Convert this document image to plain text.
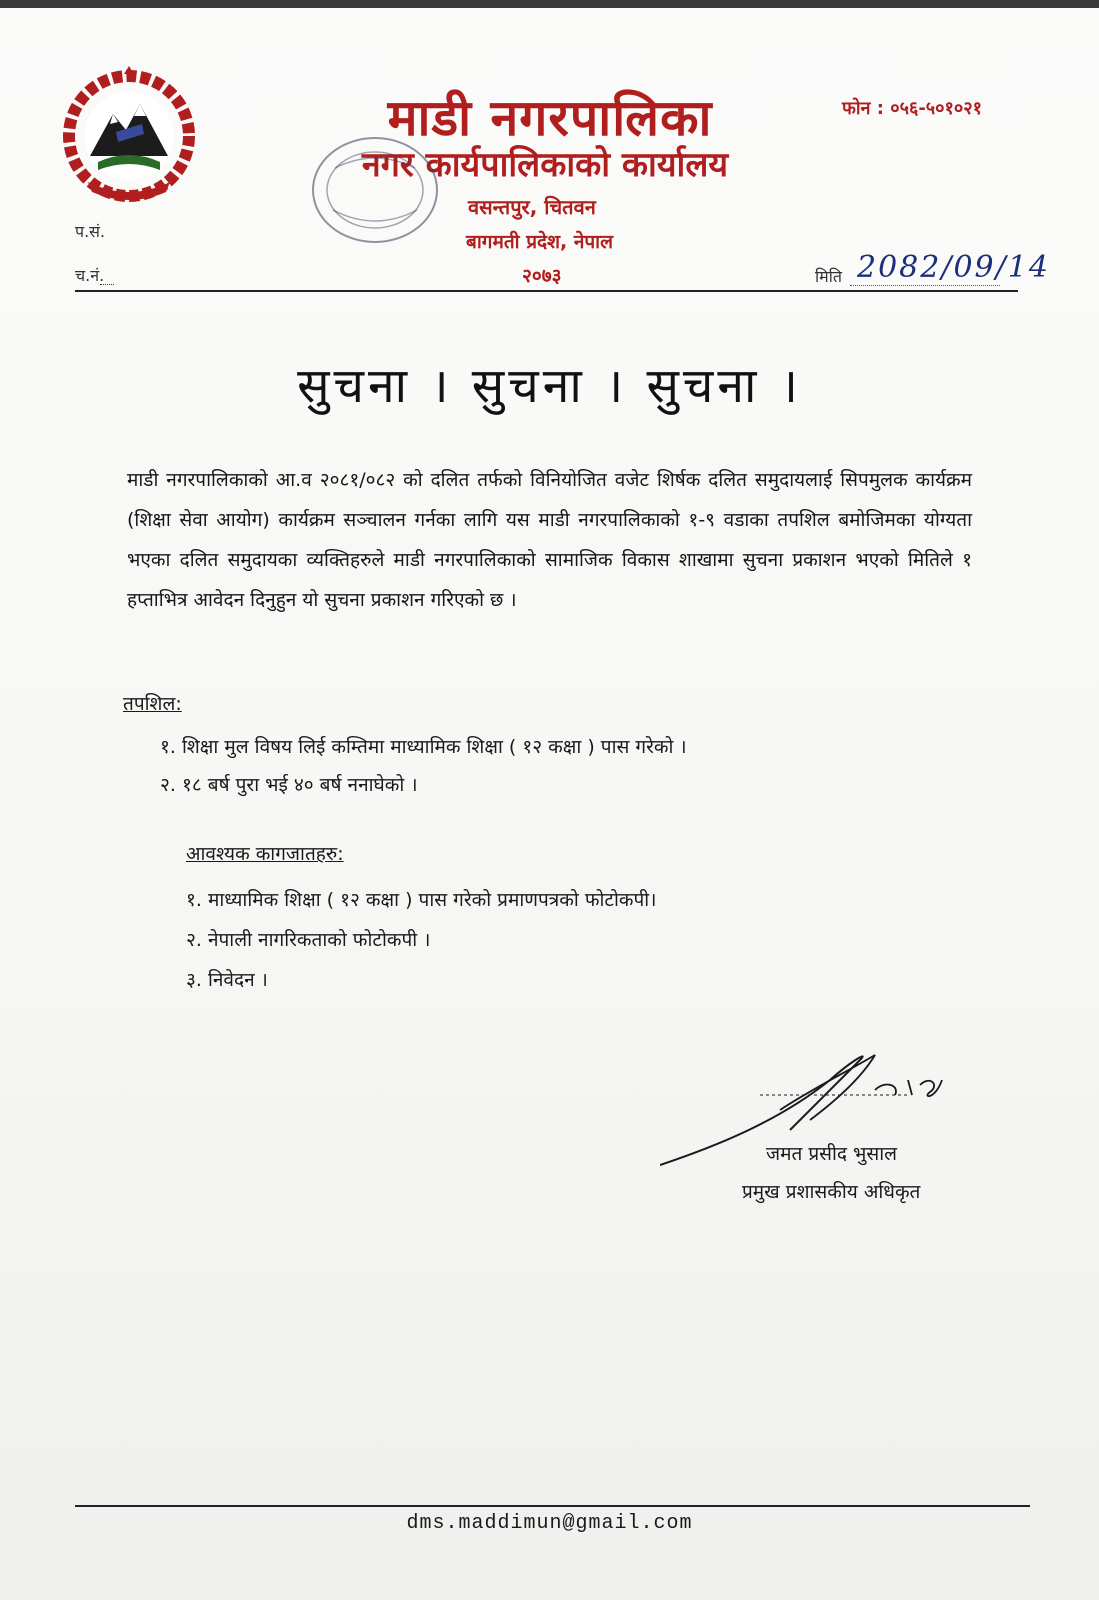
माडी नगरपालिका
नगर कार्यपालिकाको कार्यालय
वसन्तपुर, चितवन
बागमती प्रदेश, नेपाल
२०७३
फोन : ०५६-५०१०२१
प.सं.
च.नं.	मिति 2082/09/14
सुचना । सुचना । सुचना ।
माडी नगरपालिकाको आ.व २०८१/०८२ को दलित तर्फको विनियोजित वजेट शिर्षक दलित समुदायलाई सिपमुलक कार्यक्रम (शिक्षा सेवा आयोग) कार्यक्रम सञ्चालन गर्नका लागि यस माडी नगरपालिकाको १-९ वडाका तपशिल बमोजिमका योग्यता भएका दलित समुदायका व्यक्तिहरुले माडी नगरपालिकाको सामाजिक विकास शाखामा सुचना प्रकाशन भएको मितिले १ हप्ताभित्र आवेदन दिनुहुन यो सुचना प्रकाशन गरिएको छ ।
तपशिल:
१. शिक्षा मुल विषय लिई कम्तिमा माध्यामिक शिक्षा ( १२ कक्षा ) पास गरेको ।
२. १८ बर्ष पुरा भई ४० बर्ष ननाघेको ।
आवश्यक कागजातहरु:
१. माध्यामिक शिक्षा ( १२ कक्षा ) पास गरेको प्रमाणपत्रको फोटोकपी।
२. नेपाली नागरिकताको फोटोकपी ।
३. निवेदन ।
जमत प्रसीद भुसाल
प्रमुख प्रशासकीय अधिकृत
dms.maddimun@gmail.com
